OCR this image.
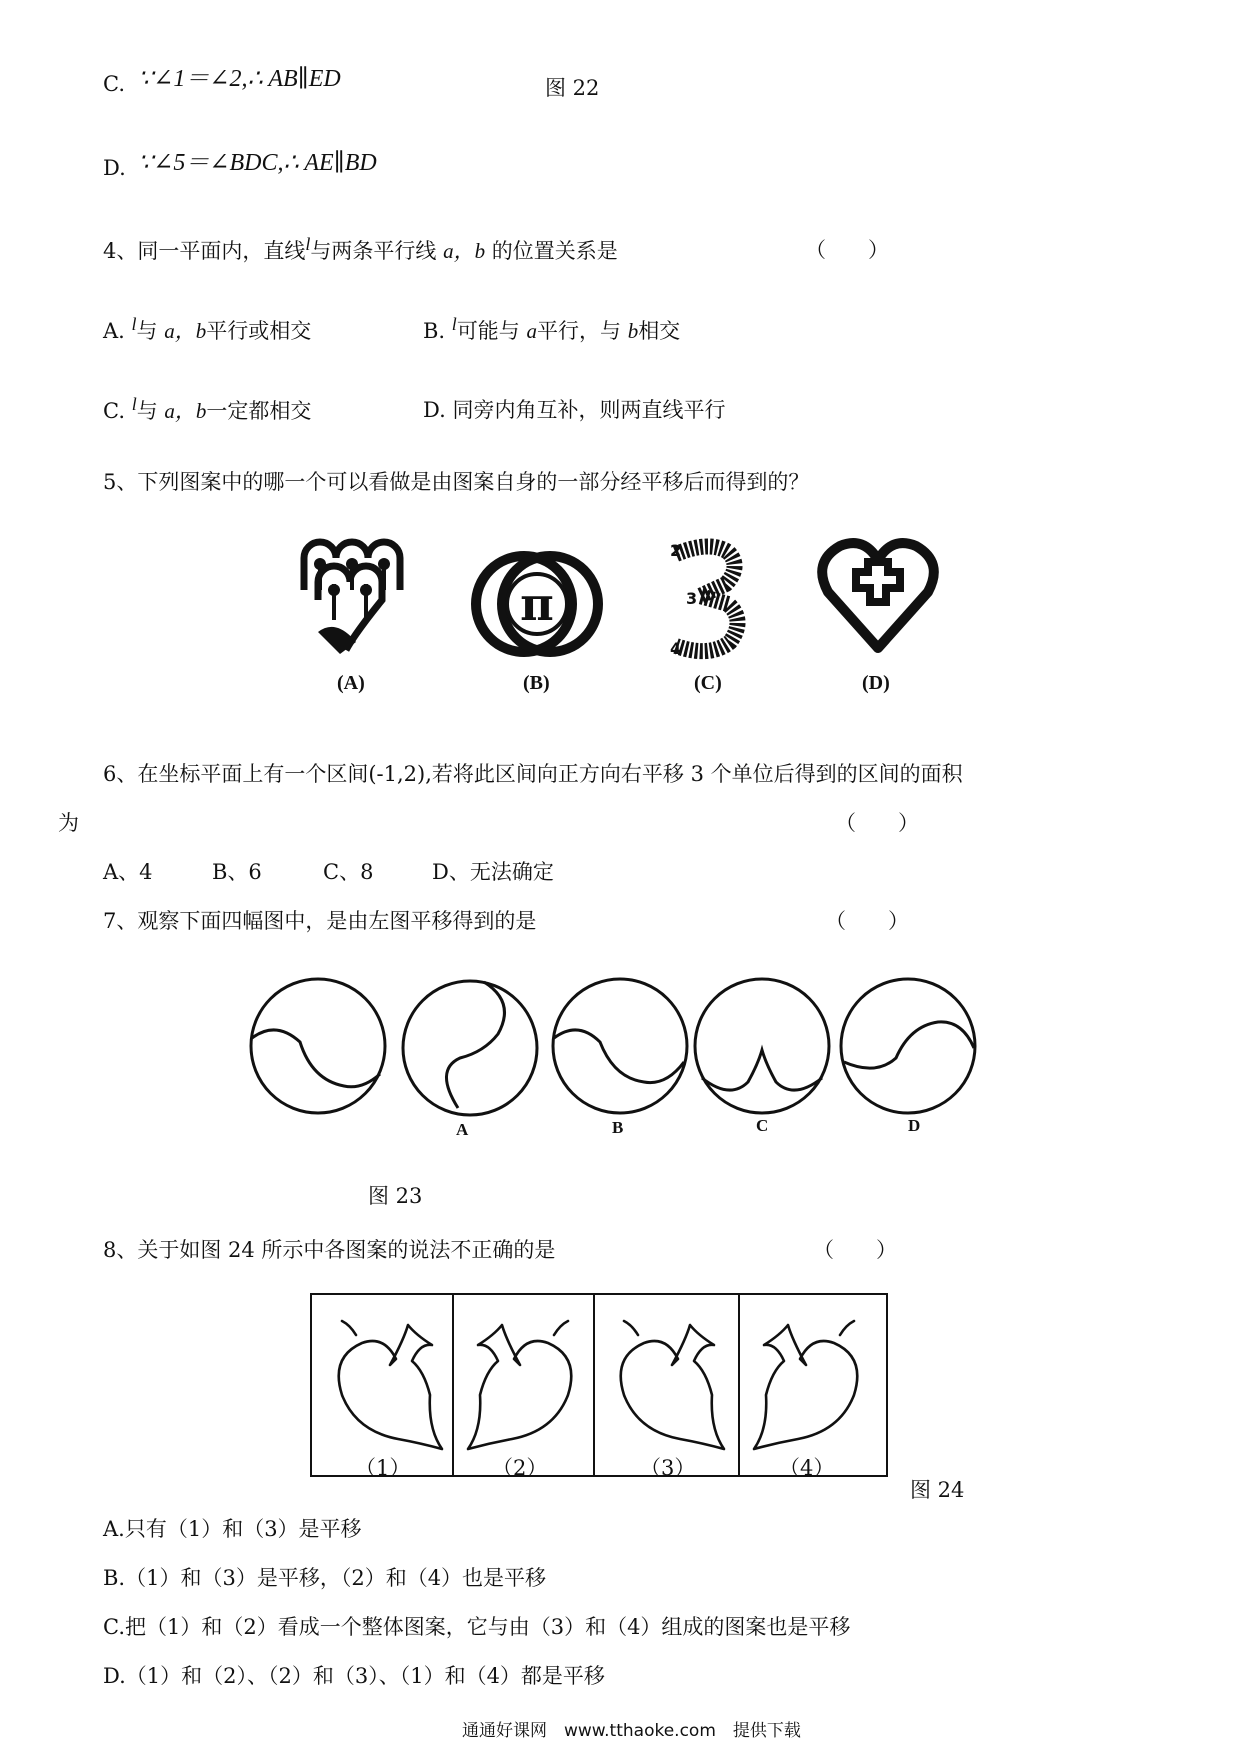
C. ∵∠1＝∠2,∴ AB∥ED	图 22
D. ∵∠5＝∠BDC,∴ AE∥BD
4、同一平面内，直线$^l$与两条平行线 a，b 的位置关系是	（　　）
A. $^l$与 a，b平行或相交	B. $^l$可能与 a平行，与 b相交
C. $^l$与 a，b一定都相交	D. 同旁内角互补，则两直线平行
5、下列图案中的哪一个可以看做是由图案自身的一部分经平移后而得到的？
π
2
3
4
(A)	(B)	(C)	(D)
6、在坐标平面上有一个区间(-1,2),若将此区间向正方向右平移 3 个单位后得到的区间的面积
为	（　　）
A、4	B、6	C、8	D、无法确定
7、观察下面四幅图中，是由左图平移得到的是	（　　）
A	B	C	D
图 23
8、关于如图 24 所示中各图案的说法不正确的是	（　　）
（1）	（2）	（3）	（4）
图 24
A.只有（1）和（3）是平移
B.（1）和（3）是平移，（2）和（4）也是平移
C.把（1）和（2）看成一个整体图案，它与由（3）和（4）组成的图案也是平移
D.（1）和（2）、（2）和（3）、（1）和（4）都是平移
通通好课网　www.tthaoke.com　提供下载
